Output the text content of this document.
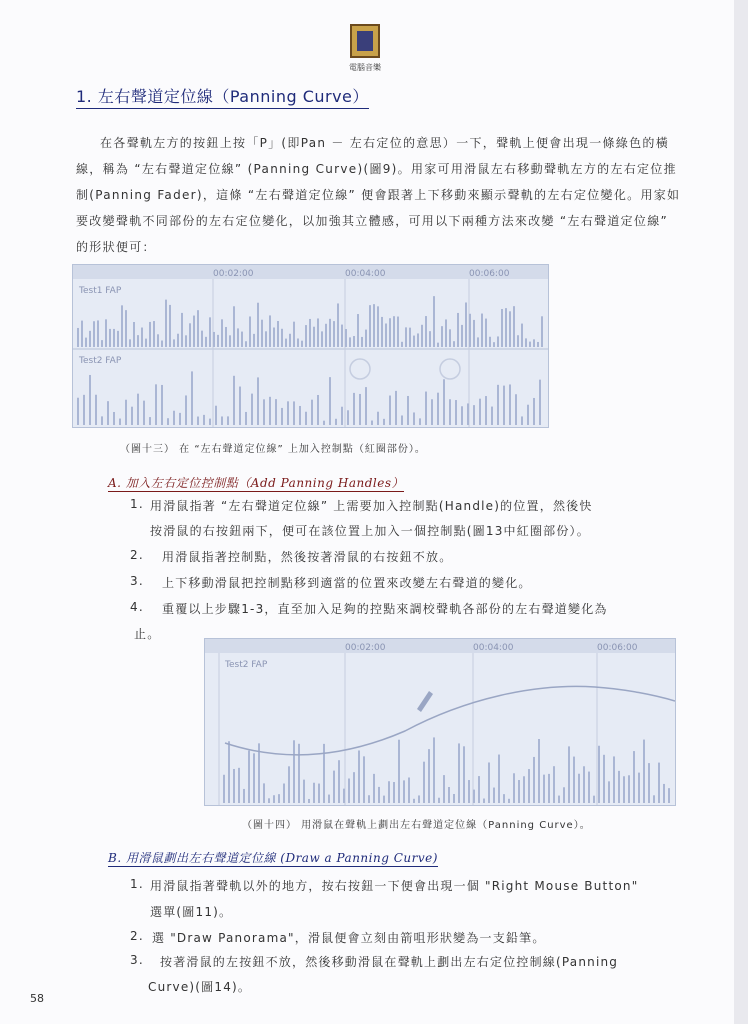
電腦音樂
1. 左右聲道定位線（Panning Curve）

在各聲軌左方的按鈕上按「P」(即Pan － 左右定位的意思）一下，聲軌上便會出現一條綠色的橫線，稱為 “左右聲道定位線” (Panning Curve)(圖9)。用家可用滑鼠左右移動聲軌左方的左右定位推制(Panning Fader)，這條 “左右聲道定位線” 便會跟著上下移動來顯示聲軌的左右定位變化。用家如要改變聲軌不同部份的左右定位變化，以加強其立體感，可用以下兩種方法來改變 “左右聲道定位線” 的形狀便可：

00:02:00	00:04:00	00:06:00
Test1 FAP
Test2 FAP
（圖十三） 在 “左右聲道定位線” 上加入控制點（紅圈部份）。
A. 加入左右定位控制點（Add Panning Handles）
1. 用滑鼠指著 “左右聲道定位線” 上需要加入控制點(Handle)的位置，然後快
按滑鼠的右按鈕兩下，便可在該位置上加入一個控制點(圖13中紅圈部份）。
2. 用滑鼠指著控制點，然後按著滑鼠的右按鈕不放。
3. 上下移動滑鼠把控制點移到適當的位置來改變左右聲道的變化。
4. 重覆以上步驟1-3，直至加入足夠的控點來調校聲軌各部份的左右聲道變化為
止。
00:02:00	00:04:00	00:06:00
Test2 FAP
（圖十四） 用滑鼠在聲軌上劃出左右聲道定位線（Panning Curve）。
B. 用滑鼠劃出左右聲道定位線 (Draw a Panning Curve)
1. 用滑鼠指著聲軌以外的地方，按右按鈕一下便會出現一個 "Right Mouse Button"
選單(圖11)。
2. 選 "Draw Panorama"，滑鼠便會立刻由箭咀形狀變為一支鉛筆。
3. 按著滑鼠的左按鈕不放，然後移動滑鼠在聲軌上劃出左右定位控制線(Panning
Curve)(圖14)。
58
